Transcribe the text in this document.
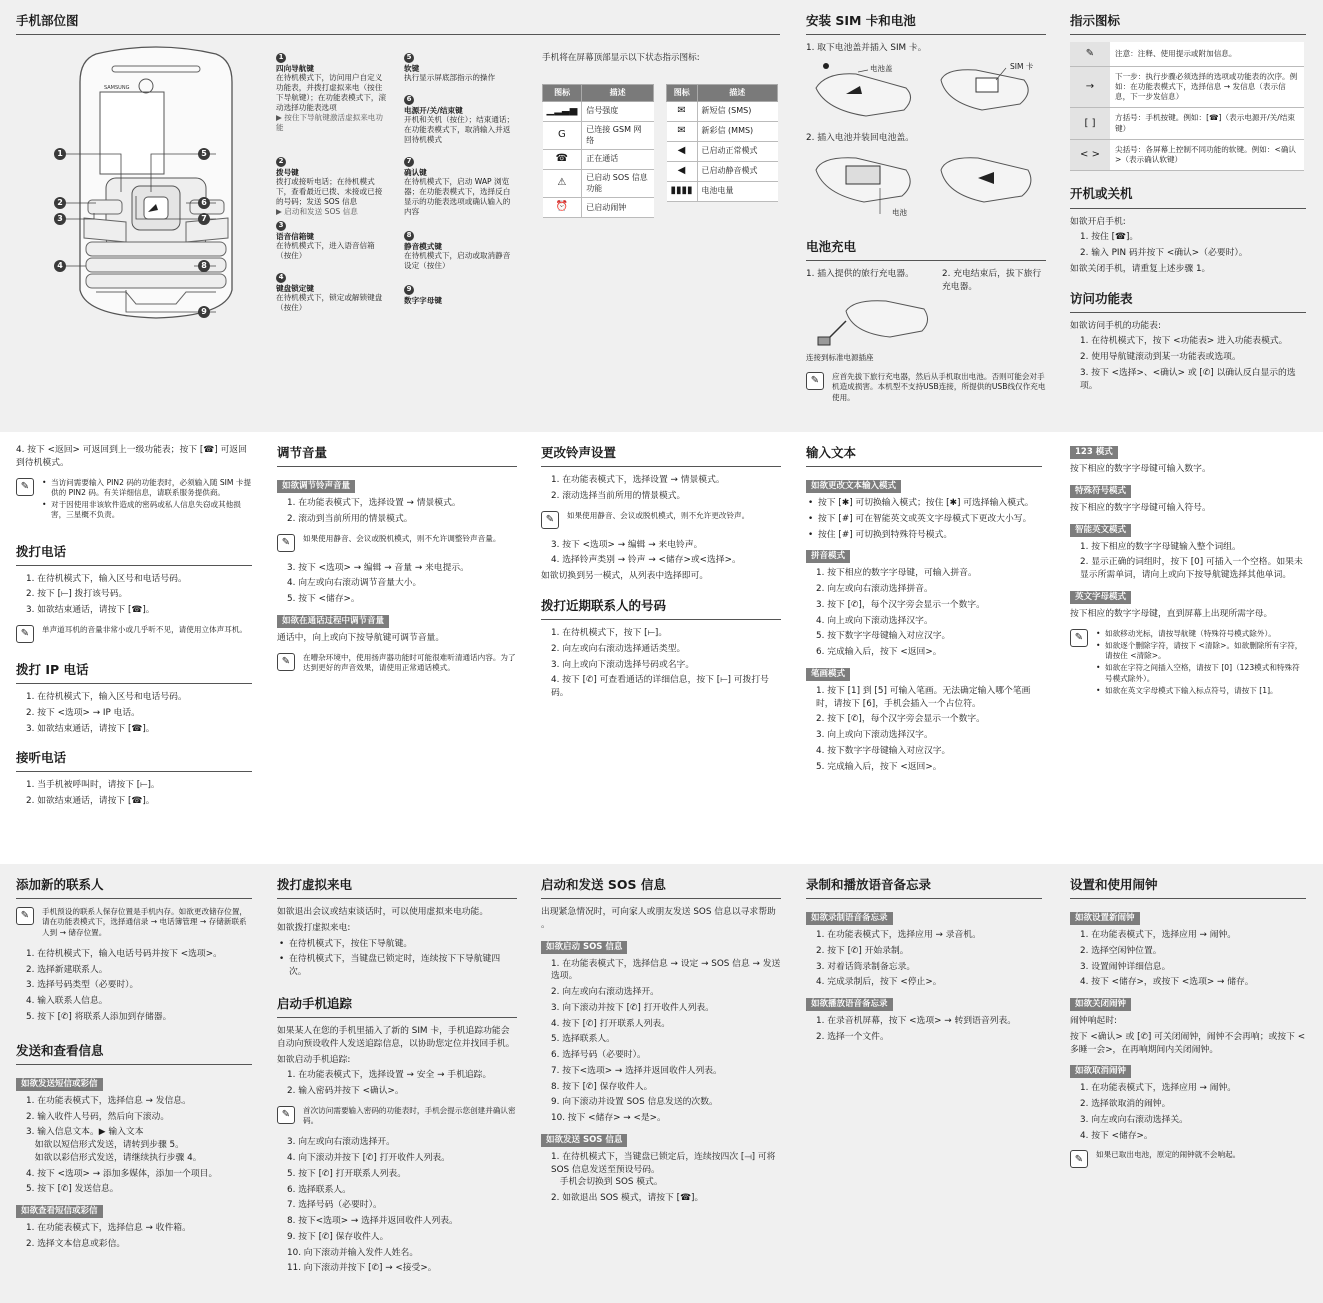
手机部位图
SAMSUNG
1
2
3
4
5
6
7
8
9
1
四向导航键
在待机模式下，访问用户自定义功能表，并拨打虚拟来电（按住下导航键）；在功能表模式下，滚动选择功能表选项
▶ 按住下导航键激活虚拟来电功能
2
拨号键
拨打或接听电话；在待机模式下，查看最近已拨、未接或已接的号码；发送 SOS 信息
▶ 启动和发送 SOS 信息
3
语音信箱键
在待机模式下，进入语音信箱（按住）
4
键盘锁定键
在待机模式下，锁定或解锁键盘（按住）
5
软键
执行显示屏底部指示的操作
6
电源开/关/结束键
开机和关机（按住）；结束通话；在功能表模式下，取消输入并返回待机模式
7
确认键
在待机模式下，启动 WAP 浏览器；在功能表模式下，选择反白显示的功能表选项或确认输入的内容
8
静音模式键
在待机模式下，启动或取消静音设定（按住）
9
数字字母键

手机将在屏幕顶部显示以下状态指示图标:

图标	描述
▁▂▃▅	信号强度
G	已连接 GSM 网络
☎	正在通话
⚠	已启动 SOS 信息功能
⏰	已启动闹钟
图标	描述
✉	新短信 (SMS)
✉	新彩信 (MMS)
◀	已启动正常模式
◀	已启动静音模式
▮▮▮▮	电池电量
安装 SIM 卡和电池

1. 取下电池盖并插入 SIM 卡。

电池盖	SIM 卡

2. 插入电池并装回电池盖。

电池
电池充电

1. 插入提供的旅行充电器。	2. 充电结束后，拔下旅行充电器。

连接到标准电源插座

✎	应首先拔下旅行充电器，然后从手机取出电池。否则可能会对手机造成损害。本机型不支持USB连接，所提供的USB线仅作充电使用。
指示图标
✎	注意：注释、使用提示或附加信息。
→	下一步：执行步骤必须选择的选项或功能表的次序。例如：在功能表模式下，选择信息 → 发信息（表示信息，下一步发信息）
[ ]	方括号：手机按键。例如：[☎]（表示电源开/关/结束键）
< >	尖括号：各屏幕上控制不同功能的软键。例如：<确认>（表示确认软键）
开机或关机

如欲开启手机:

1. 按住 [☎]。
2. 输入 PIN 码并按下 <确认>（必要时）。

如欲关闭手机，请重复上述步骤 1。

访问功能表

如欲访问手机的功能表:

1. 在待机模式下，按下 <功能表> 进入功能表模式。
2. 使用导航键滚动到某一功能表或选项。
3. 按下 <选择>、<确认> 或 [✆] 以确认反白显示的选项。

4. 按下 <返回> 可返回到上一级功能表；按下 [☎] 可返回到待机模式。

✎	• 当访问需要输入 PIN2 码的功能表时，必须输入随 SIM 卡提供的 PIN2 码。有关详细信息，请联系服务提供商。
• 对于因使用非该软件造成的密码或私人信息失窃或其他损害，三星概不负责。
拨打电话
1. 在待机模式下，输入区号和电话号码。
2. 按下 [⟝] 拨打该号码。
3. 如欲结束通话，请按下 [☎]。
✎	单声道耳机的音量非常小或几乎听不见，请使用立体声耳机。
拨打 IP 电话
1. 在待机模式下，输入区号和电话号码。
2. 按下 <选项> → IP 电话。
3. 如欲结束通话，请按下 [☎]。
接听电话
1. 当手机被呼叫时，请按下 [⟝]。
2. 如欲结束通话，请按下 [☎]。
调节音量
如欲调节铃声音量
1. 在功能表模式下，选择设置 → 情景模式。
2. 滚动到当前所用的情景模式。
✎	如果使用静音、会议或脱机模式，则不允许调整铃声音量。
3. 按下 <选项> → 编辑 → 音量 → 来电提示。
4. 向左或向右滚动调节音量大小。
5. 按下 <储存>。
如欲在通话过程中调节音量

通话中，向上或向下按导航键可调节音量。

✎	在嘈杂环境中，使用扬声器功能时可能很难听清通话内容。为了达到更好的声音效果，请使用正常通话模式。
更改铃声设置
1. 在功能表模式下，选择设置 → 情景模式。
2. 滚动选择当前所用的情景模式。
✎	如果使用静音、会议或脱机模式，则不允许更改铃声。
3. 按下 <选项> → 编辑 → 来电铃声。
4. 选择铃声类别 → 铃声 → <储存>或<选择>。

如欲切换到另一模式，从列表中选择即可。

拨打近期联系人的号码
1. 在待机模式下，按下 [⟝]。
2. 向左或向右滚动选择通话类型。
3. 向上或向下滚动选择号码或名字。
4. 按下 [✆] 可查看通话的详细信息，按下 [⟝] 可拨打号码。
输入文本
如欲更改文本输入模式
• 按下 [✱] 可切换输入模式；按住 [✱] 可选择输入模式。
• 按下 [#] 可在智能英文或英文字母模式下更改大小写。
• 按住 [#] 可切换到特殊符号模式。
拼音模式
1. 按下相应的数字字母键，可输入拼音。
2. 向左或向右滚动选择拼音。
3. 按下 [✆]，每个汉字旁会显示一个数字。
4. 向上或向下滚动选择汉字。
5. 按下数字字母键输入对应汉字。
6. 完成输入后，按下 <返回>。
笔画模式
1. 按下 [1] 到 [5] 可输入笔画。无法确定输入哪个笔画时，请按下 [6]，手机会插入一个占位符。
2. 按下 [✆]，每个汉字旁会显示一个数字。
3. 向上或向下滚动选择汉字。
4. 按下数字字母键输入对应汉字。
5. 完成输入后，按下 <返回>。
123 模式

按下相应的数字字母键可输入数字。

特殊符号模式

按下相应的数字字母键可输入符号。

智能英文模式
1. 按下相应的数字字母键输入整个词组。
2. 显示正确的词组时，按下 [0] 可插入一个空格。如果未显示所需单词，请向上或向下按导航键选择其他单词。
英文字母模式

按下相应的数字字母键，直到屏幕上出现所需字母。

✎	• 如欲移动光标，请按导航键（特殊符号模式除外）。
• 如欲逐个删除字符，请按下 <清除>。如欲删除所有字符，请按住 <清除>。
• 如欲在字符之间插入空格，请按下 [0]（123模式和特殊符号模式除外）。
• 如欲在英文字母模式下输入标点符号，请按下 [1]。
添加新的联系人
✎	手机预设的联系人保存位置是手机内存。如欲更改储存位置，请在功能表模式下，选择通信录 → 电话簿管理 → 存储新联系人到 → 储存位置。
1. 在待机模式下，输入电话号码并按下 <选项>。
2. 选择新建联系人。
3. 选择号码类型（必要时）。
4. 输入联系人信息。
5. 按下 [✆] 将联系人添加到存储器。
发送和查看信息
如欲发送短信或彩信
1. 在功能表模式下，选择信息 → 发信息。
2. 输入收件人号码，然后向下滚动。
3. 输入信息文本。▶ 输入文本
　如欲以短信形式发送，请转到步骤 5。
　如欲以彩信形式发送，请继续执行步骤 4。
4. 按下 <选项> → 添加多媒体，添加一个项目。
5. 按下 [✆] 发送信息。
如欲查看短信或彩信
1. 在功能表模式下，选择信息 → 收件箱。
2. 选择文本信息或彩信。
拨打虚拟来电

如欲退出会议或结束谈话时，可以使用虚拟来电功能。

如欲拨打虚拟来电:

• 在待机模式下，按住下导航键。
• 在待机模式下，当键盘已锁定时，连续按下下导航键四次。
启动手机追踪

如果某人在您的手机里插入了新的 SIM 卡，手机追踪功能会自动向预设收件人发送追踪信息，以协助您定位并找回手机。

如欲启动手机追踪:

1. 在功能表模式下，选择设置 → 安全 → 手机追踪。
2. 输入密码并按下 <确认>。
✎	首次访问需要输入密码的功能表时，手机会提示您创建并确认密码。
3. 向左或向右滚动选择开。
4. 向下滚动并按下 [✆] 打开收件人列表。
5. 按下 [✆] 打开联系人列表。
6. 选择联系人。
7. 选择号码（必要时）。
8. 按下<选项> → 选择并返回收件人列表。
9. 按下 [✆] 保存收件人。
10. 向下滚动并输入发件人姓名。
11. 向下滚动并按下 [✆] → <接受>。
启动和发送 SOS 信息

出现紧急情况时，可向家人或朋友发送 SOS 信息以寻求帮助 。

如欲启动 SOS 信息
1. 在功能表模式下，选择信息 → 设定 → SOS 信息 → 发送选项。
2. 向左或向右滚动选择开。
3. 向下滚动并按下 [✆] 打开收件人列表。
4. 按下 [✆] 打开联系人列表。
5. 选择联系人。
6. 选择号码（必要时）。
7. 按下<选项> → 选择并返回收件人列表。
8. 按下 [✆] 保存收件人。
9. 向下滚动并设置 SOS 信息发送的次数。
10. 按下 <储存> → <是>。
如欲发送 SOS 信息
1. 在待机模式下，当键盘已锁定后，连续按四次 [⟞] 可将 SOS 信息发送至预设号码。
　手机会切换到 SOS 模式。
2. 如欲退出 SOS 模式，请按下 [☎]。
录制和播放语音备忘录
如欲录制语音备忘录
1. 在功能表模式下，选择应用 → 录音机。
2. 按下 [✆] 开始录制。
3. 对着话筒录制备忘录。
4. 完成录制后，按下 <停止>。
如欲播放语音备忘录
1. 在录音机屏幕，按下 <选项> → 转到语音列表。
2. 选择一个文件。
设置和使用闹钟
如欲设置新闹钟
1. 在功能表模式下，选择应用 → 闹钟。
2. 选择空闲钟位置。
3. 设置闹钟详细信息。
4. 按下 <储存>，或按下 <选项> → 储存。
如欲关闭闹钟

闹钟响起时:

按下 <确认> 或 [✆] 可关闭闹钟，闹钟不会再响；或按下 <多睡一会>，在再响期间内关闭闹钟。

如欲取消闹钟
1. 在功能表模式下，选择应用 → 闹钟。
2. 选择欲取消的闹钟。
3. 向左或向右滚动选择关。
4. 按下 <储存>。
✎	如果已取出电池，原定的闹钟就不会响起。
